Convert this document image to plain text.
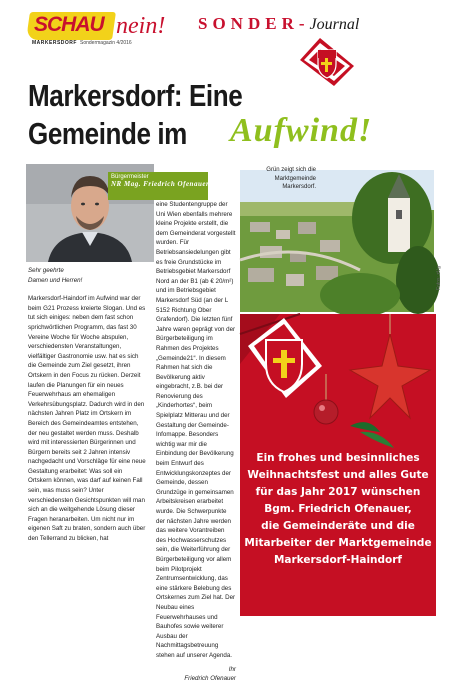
SCHAU nein!
MARKERSDORF Sondermagazin 4/2016
SONDER-Journal
Markersdorf: Eine
Gemeinde im Aufwind!
Bürgermeister
NR Mag. Friedrich Ofenauer
Sehr geehrte
Damen und Herren!
Markersdorf-Haindorf im Aufwind war der beim G21 Prozess kreierte Slogan. Und es tut sich einiges: neben dem fast schon sprichwörtlichen Programm, das fast 30 Vereine Woche für Woche abspulen, verschiedensten Veranstaltungen, vielfältiger Gastronomie usw. hat es sich die Gemeinde zum Ziel gesetzt, ihren Ortskern in den Focus zu rücken. Derzeit laufen die Planungen für ein neues Feuerwehrhaus am ehemaligen Verkehrsübungsplatz. Dadurch wird in den nächsten Jahren Platz im Ortskern im Bereich des Gemeindeamtes entstehen, der neu gestaltet werden muss. Deshalb wird mit interessierten Bürgerinnen und Bürgern bereits seit 2 Jahren intensiv nachgedacht und Vorschläge für eine neue Gestaltung erarbeitet: Was soll ein Ortskern können, was darf auf keinen Fall sein, was muss sein? Unter verschiedensten Gesichtspunkten will man sich an die weitgehende Lösung dieser Fragen heranarbeiten. Um nicht nur im eigenen Saft zu braten, sondern auch über den Tellerrand zu blicken, hat
eine Studentengruppe der Uni Wien ebenfalls mehrere kleine Projekte erstellt, die dem Gemeinderat vorgestellt wurden. Für Betriebsansiedelungen gibt es freie Grundstücke im Betriebsgebiet Markersdorf Nord an der B1 (ab € 20/m²) und im Betriebsgebiet Markersdorf Süd (an der L 5152 Richtung Ober Grafendorf). Die letzten fünf Jahre waren geprägt von der Bürgerbeteiligung im Rahmen des Projektes „Gemeinde21“. In diesem Rahmen hat sich die Bevölkerung aktiv eingebracht, z.B. bei der Renovierung des „Kinderhortes“, beim Spielplatz Mitterau und der Gestaltung der Gemeinde-Infomappe. Besonders wichtig war mir die Einbindung der Bevölkerung beim Entwurf des Entwicklungskonzeptes der Gemeinde, dessen Grundzüge in gemeinsamen Arbeitskreisen erarbeitet wurde. Die Schwerpunkte der nächsten Jahre werden das weitere Vorantreiben des Hochwasserschutzes sein, die Weiterführung der Bürgerbeteiligung vor allem beim Pilotprojekt Zentrumsentwicklung, das eine stärkere Belebung des Ortskernes zum Ziel hat. Der Neubau eines Feuerwehrhauses und Bauhofes sowie weiterer Ausbau der Nachmittagsbetreuung stehen auf unserer Agenda.
Ihr
Friedrich Ofenauer
Grün zeigt sich die Marktgemeinde Markersdorf.
Fotos: zVg
Ein frohes und besinnliches
Weihnachtsfest und alles Gute
für das Jahr 2017 wünschen
Bgm. Friedrich Ofenauer,
die Gemeinderäte und die
Mitarbeiter der Marktgemeinde
Markersdorf-Haindorf
